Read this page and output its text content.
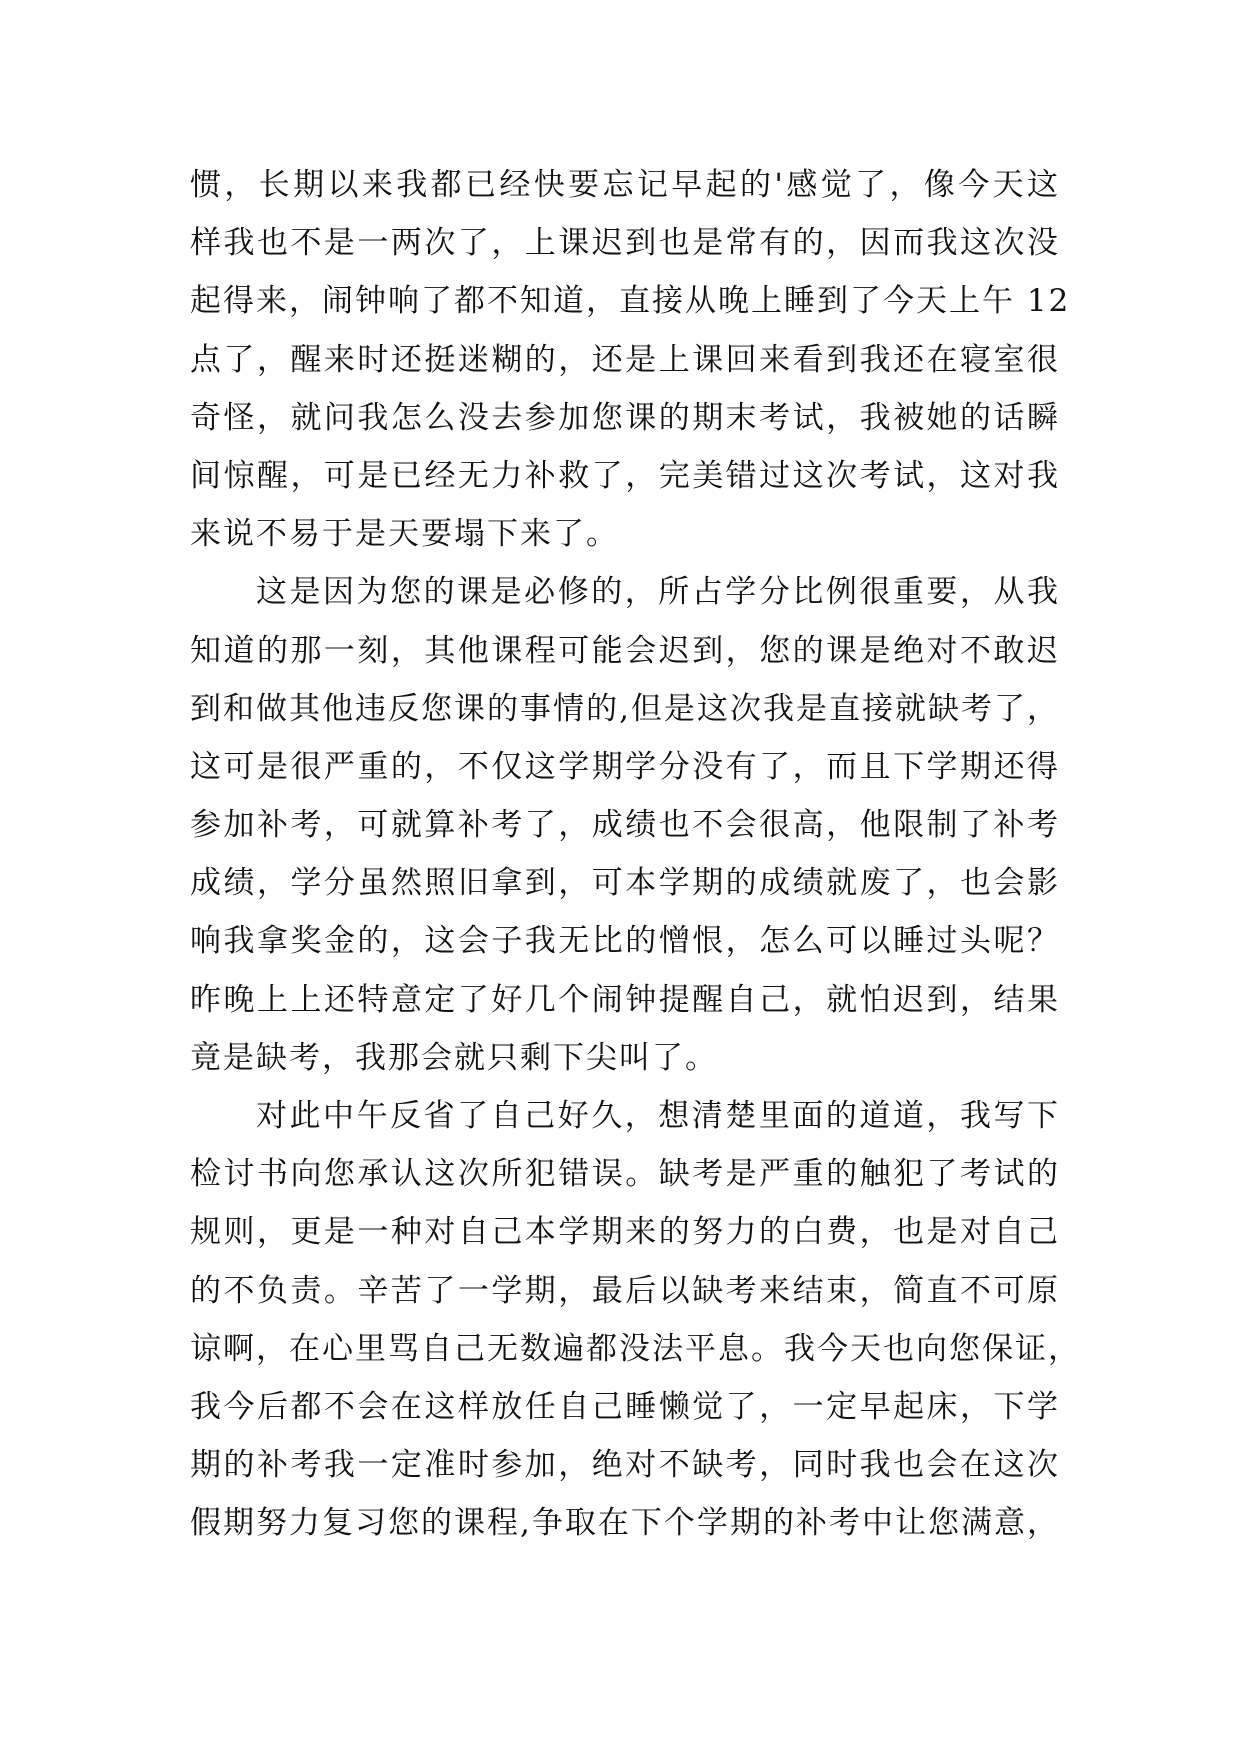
惯，长期以来我都已经快要忘记早起的'感觉了，像今天这
样我也不是一两次了，上课迟到也是常有的，因而我这次没
起得来，闹钟响了都不知道，直接从晚上睡到了今天上午 12
点了，醒来时还挺迷糊的，还是上课回来看到我还在寝室很
奇怪，就问我怎么没去参加您课的期末考试，我被她的话瞬
间惊醒，可是已经无力补救了，完美错过这次考试，这对我
来说不易于是天要塌下来了。
这是因为您的课是必修的，所占学分比例很重要，从我
知道的那一刻，其他课程可能会迟到，您的课是绝对不敢迟
到和做其他违反您课的事情的,但是这次我是直接就缺考了，
这可是很严重的，不仅这学期学分没有了，而且下学期还得
参加补考，可就算补考了，成绩也不会很高，他限制了补考
成绩，学分虽然照旧拿到，可本学期的成绩就废了，也会影
响我拿奖金的，这会子我无比的憎恨，怎么可以睡过头呢？
昨晚上上还特意定了好几个闹钟提醒自己，就怕迟到，结果
竟是缺考，我那会就只剩下尖叫了。
对此中午反省了自己好久，想清楚里面的道道，我写下
检讨书向您承认这次所犯错误。缺考是严重的触犯了考试的
规则，更是一种对自己本学期来的努力的白费，也是对自己
的不负责。辛苦了一学期，最后以缺考来结束，简直不可原
谅啊，在心里骂自己无数遍都没法平息。我今天也向您保证，
我今后都不会在这样放任自己睡懒觉了，一定早起床，下学
期的补考我一定准时参加，绝对不缺考，同时我也会在这次
假期努力复习您的课程,争取在下个学期的补考中让您满意，
